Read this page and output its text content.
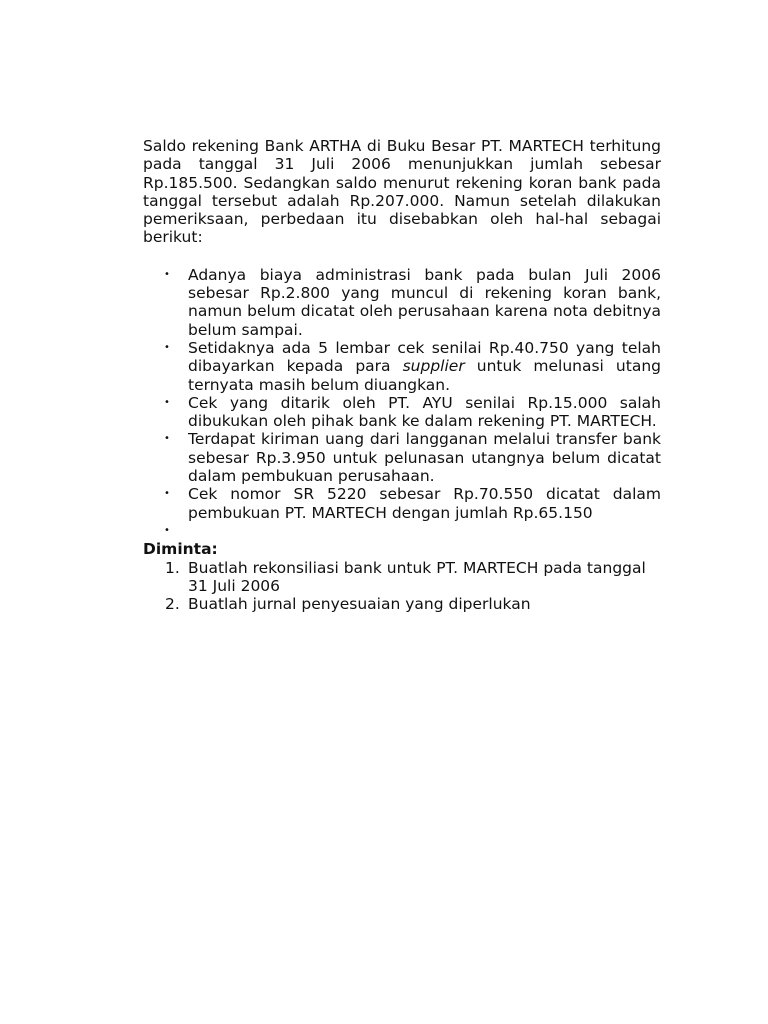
Saldo rekening Bank ARTHA di Buku Besar PT. MARTECH terhitung pada tanggal 31 Juli 2006 menunjukkan jumlah sebesar Rp.185.500. Sedangkan saldo menurut rekening koran bank pada tanggal tersebut adalah Rp.207.000. Namun setelah dilakukan pemeriksaan, perbedaan itu disebabkan oleh hal-hal sebagai berikut:

•
Adanya biaya administrasi bank pada bulan Juli 2006 sebesar Rp.2.800 yang muncul di rekening koran bank, namun belum dicatat oleh perusahaan karena nota debitnya belum sampai.
•
Setidaknya ada 5 lembar cek senilai Rp.40.750 yang telah dibayarkan kepada para supplier untuk melunasi utang ternyata masih belum diuangkan.
•
Cek yang ditarik oleh PT. AYU senilai Rp.15.000 salah dibukukan oleh pihak bank ke dalam rekening PT. MARTECH.
•
Terdapat kiriman uang dari langganan melalui transfer bank sebesar Rp.3.950 untuk pelunasan utangnya belum dicatat dalam pembukuan perusahaan.
•
Cek nomor SR 5220 sebesar Rp.70.550 dicatat dalam pembukuan PT. MARTECH dengan jumlah Rp.65.150
•

Diminta:

1. Buatlah rekonsiliasi bank untuk PT. MARTECH pada tanggal 31 Juli 2006
2. Buatlah jurnal penyesuaian yang diperlukan
